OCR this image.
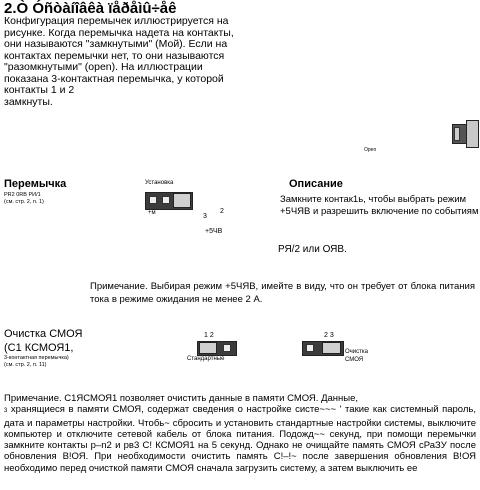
2.Ò Óñòàíîâêà ïåðåìû÷åê
Конфигурация перемычек иллюстрируется на рисунке. Когда перемычка надета на контакты, они называются "замкнутыми" (Мой). Если на контактах перемычки нет, то они называются "разомкнутыми" (open). На иллюстрации показана 3-контактная перемычка, у которой контакты 1 и 2
замкнуты.
Open
Перемычка
PR2 0RB PИ/1
(см. стр. 2, п. 1)
Установка
+м	3
2
+5ЧВ
Описание
Замкните контак1ь, чтобы выбрать режим +5ЧЯВ и разрешить включение по событиям
РЯ/2 или ОЯВ.
Примечание. Выбирая режим +5ЧЯВ, имейте в виду, что он требует от блока питания тока в режиме ожидания не менее 2 А.
Очистка СМОЯ
(С1 КСМОЯ1,
3-контактная перемычка)
(см. стр. 2, п. 11)
1 2
Стандартные
2 3
Очистка
СМОЯ
Примечание. С1ЯСМОЯ1 позволяет очистить данные в памяти СМОЯ. Данные,
3 хранящиеся в памяти СМОЯ, содержат сведения о настройке систе~~~ ' такие как системный пароль, дата и параметры настройки. Чтобь~ сбросить и установить стандартные настройки системы, выключите компьютер и отключите сетевой кабель от блока питания. Подожд~~ секунд, при помощи перемычки замкните контакты р–n2 и рв3 С! КСМОЯ1 на 5 секунд. Однако не очищайте память СМОЯ сРаЗУ после обновления В!ОЯ. При необходимости очистить память С!–!~ после завершения обновления В!ОЯ необходимо перед очисткой памяти СМОЯ сначала загрузить систему, а затем выключить ее
